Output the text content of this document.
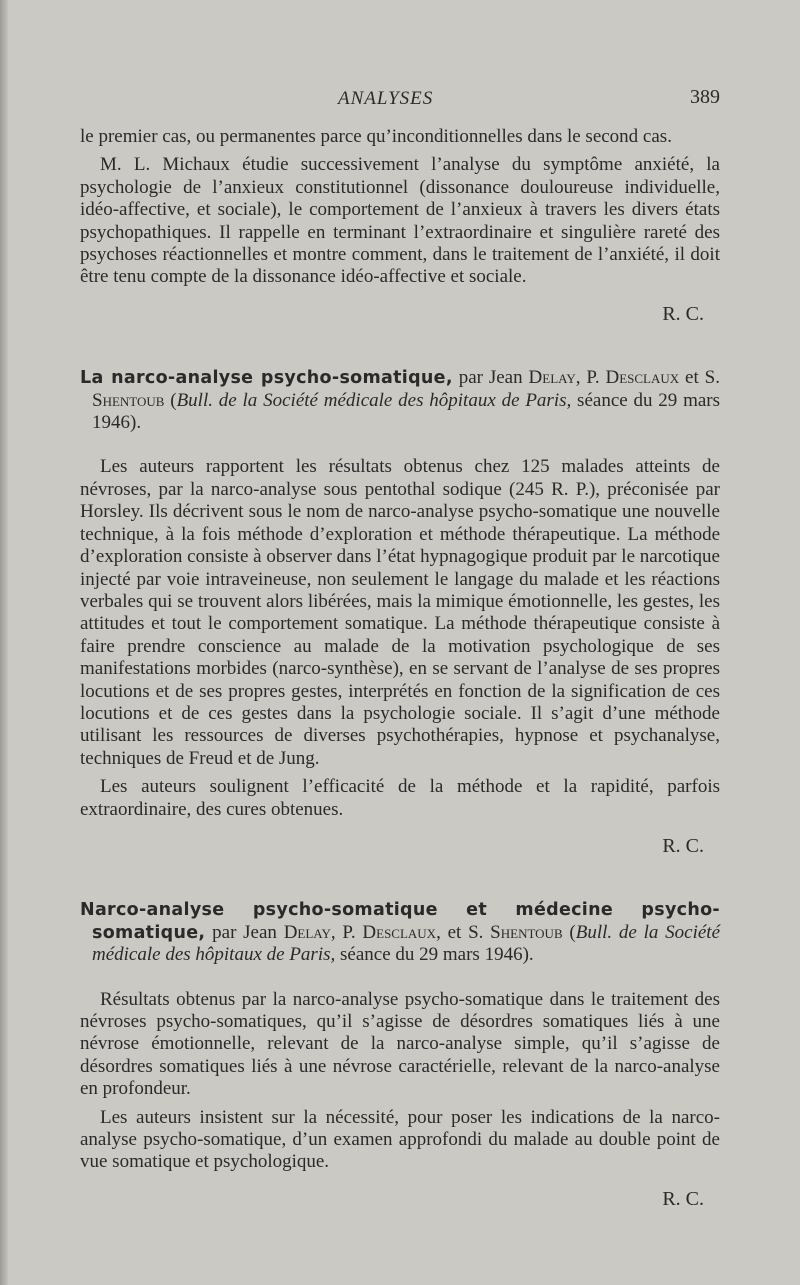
ANALYSES	389

le premier cas, ou permanentes parce qu’inconditionnelles dans le second cas.

M. L. Michaux étudie successivement l’analyse du symptôme anxiété, la psychologie de l’anxieux constitutionnel (dissonance douloureuse individuelle, idéo-affective, et sociale), le comportement de l’anxieux à travers les divers états psychopathiques. Il rappelle en terminant l’extraordinaire et singulière rareté des psychoses réactionnelles et montre comment, dans le traitement de l’anxiété, il doit être tenu compte de la dissonance idéo-affective et sociale.

R. C.

La narco-analyse psycho-somatique, par Jean Delay, P. Desclaux et S. Shentoub (Bull. de la Société médicale des hôpitaux de Paris, séance du 29 mars 1946).

Les auteurs rapportent les résultats obtenus chez 125 malades atteints de névroses, par la narco-analyse sous pentothal sodique (245 R. P.), préconisée par Horsley. Ils décrivent sous le nom de narco-analyse psycho-somatique une nouvelle technique, à la fois méthode d’exploration et méthode thérapeutique. La méthode d’exploration consiste à observer dans l’état hypnagogique produit par le narcotique injecté par voie intraveineuse, non seulement le langage du malade et les réactions verbales qui se trouvent alors libérées, mais la mimique émotionnelle, les gestes, les attitudes et tout le comportement somatique. La méthode thérapeutique consiste à faire prendre conscience au malade de la motivation psychologique de ses manifestations morbides (narco-synthèse), en se servant de l’analyse de ses propres locutions et de ses propres gestes, interprétés en fonction de la signification de ces locutions et de ces gestes dans la psychologie sociale. Il s’agit d’une méthode utilisant les ressources de diverses psychothérapies, hypnose et psychanalyse, techniques de Freud et de Jung.

Les auteurs soulignent l’efficacité de la méthode et la rapidité, parfois extraordinaire, des cures obtenues.

R. C.

Narco-analyse psycho-somatique et médecine psycho-somatique, par Jean Delay, P. Desclaux, et S. Shentoub (Bull. de la Société médicale des hôpitaux de Paris, séance du 29 mars 1946).

Résultats obtenus par la narco-analyse psycho-somatique dans le traitement des névroses psycho-somatiques, qu’il s’agisse de désordres somatiques liés à une névrose émotionnelle, relevant de la narco-analyse simple, qu’il s’agisse de désordres somatiques liés à une névrose caractérielle, relevant de la narco-analyse en profondeur.

Les auteurs insistent sur la nécessité, pour poser les indications de la narco-analyse psycho-somatique, d’un examen approfondi du malade au double point de vue somatique et psychologique.

R. C.
